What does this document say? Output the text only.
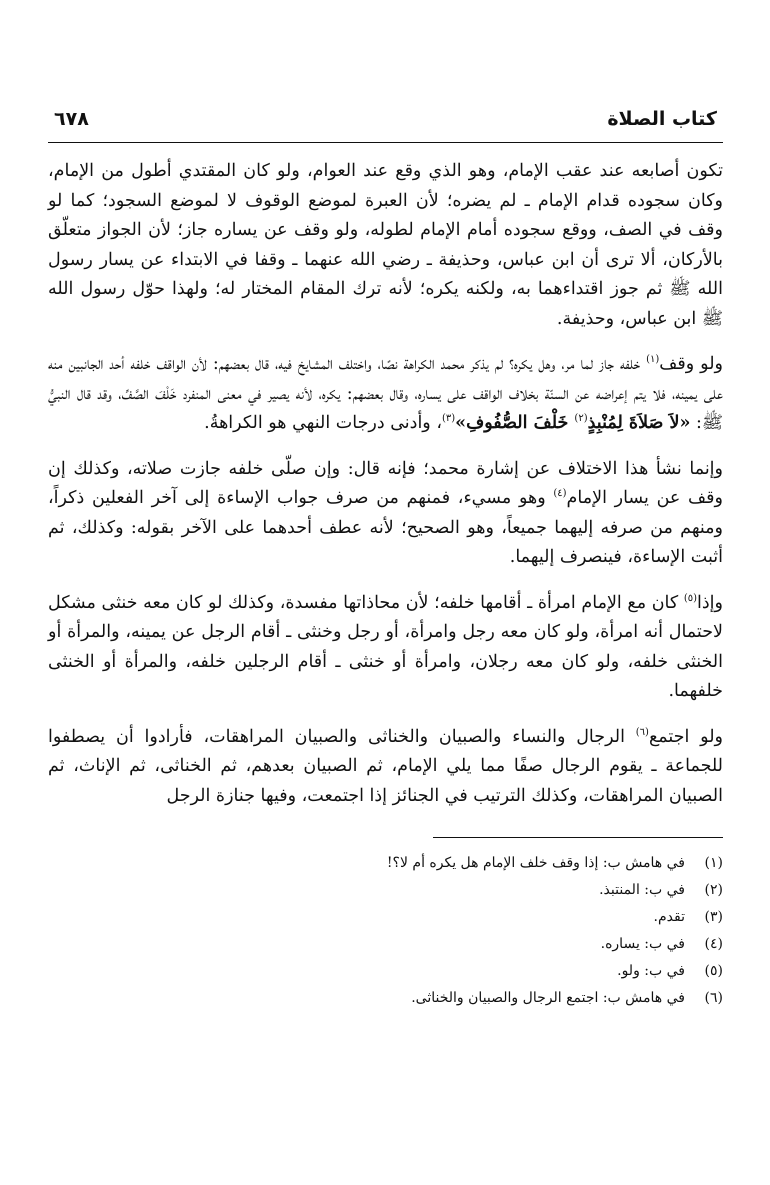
كتاب الصلاة
٦٧٨

تكون أصابعه عند عقب الإمام، وهو الذي وقع عند العوام، ولو كان المقتدي أطول من الإمام، وكان سجوده قدام الإمام ـ لم يضره؛ لأن العبرة لموضع الوقوف لا لموضع السجود؛ كما لو وقف في الصف، ووقع سجوده أمام الإمام لطوله، ولو وقف عن يساره جاز؛ لأن الجواز متعلّق بالأركان، ألا ترى أن ابن عباس، وحذيفة ـ رضي الله عنهما ـ وقفا في الابتداء عن يسار رسول الله ﷺ ثم جوز اقتداءهما به، ولكنه يكره؛ لأنه ترك المقام المختار له؛ ولهذا حوّل رسول الله ﷺ ابن عباس، وحذيفة.

ولو وقف$^{(١)}$ خلفه جاز لما مر، وهل يكره؟ لم يذكر محمد الكراهة نصًا، واختلف المشايخ فيه، قال بعضهم: لأن الواقف خلفه أحد الجانبين منه على يمينه، فلا يتم إعراضه عن السنّة بخلاف الواقف على يساره، وقال بعضهم: يكره، لأنه يصير في معنى المنفرد خَلْفَ الصَّفِّ، وقد قال النبيُّ ﷺ: «لاَ صَلاَةَ لِمُنْبِذٍ$^{(٢)}$ خَلْفَ الصُّفُوفِ»$^{(٣)}$، وأدنى درجات النهي هو الكراهةُ.

وإنما نشأ هذا الاختلاف عن إشارة محمد؛ فإنه قال: وإن صلّى خلفه جازت صلاته، وكذلك إن وقف عن يسار الإمام$^{(٤)}$ وهو مسيء، فمنهم من صرف جواب الإساءة إلى آخر الفعلين ذكراً، ومنهم من صرفه إليهما جميعاً، وهو الصحيح؛ لأنه عطف أحدهما على الآخر بقوله: وكذلك، ثم أثبت الإساءة، فينصرف إليهما.

وإذا$^{(٥)}$ كان مع الإمام امرأة ـ أقامها خلفه؛ لأن محاذاتها مفسدة، وكذلك لو كان معه خنثى مشكل لاحتمال أنه امرأة، ولو كان معه رجل وامرأة، أو رجل وخنثى ـ أقام الرجل عن يمينه، والمرأة أو الخنثى خلفه، ولو كان معه رجلان، وامرأة أو خنثى ـ أقام الرجلين خلفه، والمرأة أو الخنثى خلفهما.

ولو اجتمع$^{(٦)}$ الرجال والنساء والصبيان والخناثى والصبيان المراهقات، فأرادوا أن يصطفوا للجماعة ـ يقوم الرجال صفًا مما يلي الإمام، ثم الصبيان بعدهم، ثم الخناثى، ثم الإناث، ثم الصبيان المراهقات، وكذلك الترتيب في الجنائز إذا اجتمعت، وفيها جنازة الرجل

(١)
في هامش ب: إذا وقف خلف الإمام هل يكره أم لا؟!
(٢)
في ب: المنتبذ.
(٣)
تقدم.
(٤)
في ب: يساره.
(٥)
في ب: ولو.
(٦)
في هامش ب: اجتمع الرجال والصبيان والخناثى.
